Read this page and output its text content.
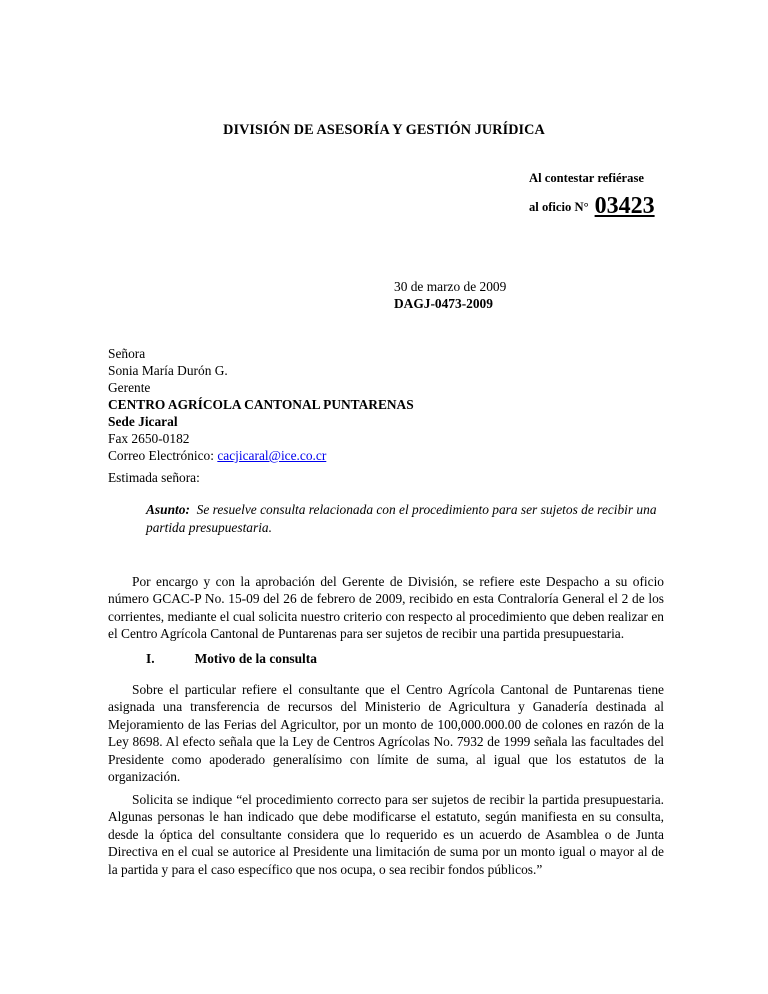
DIVISIÓN DE ASESORÍA Y GESTIÓN JURÍDICA
Al contestar refiérase
al oficio N° 03423
30 de marzo de 2009
DAGJ-0473-2009
Señora
Sonia María Durón G.
Gerente
CENTRO AGRÍCOLA CANTONAL PUNTARENAS
Sede Jicaral
Fax 2650-0182
Correo Electrónico: cacjicaral@ice.co.cr
Estimada señora:
Asunto: Se resuelve consulta relacionada con el procedimiento para ser sujetos de recibir una partida presupuestaria.
Por encargo y con la aprobación del Gerente de División, se refiere este Despacho a su oficio número GCAC-P No. 15-09 del 26 de febrero de 2009, recibido en esta Contraloría General el 2 de los corrientes, mediante el cual solicita nuestro criterio con respecto al procedimiento que deben realizar en el Centro Agrícola Cantonal de Puntarenas para ser sujetos de recibir una partida presupuestaria.
I.	Motivo de la consulta
Sobre el particular refiere el consultante que el Centro Agrícola Cantonal de Puntarenas tiene asignada una transferencia de recursos del Ministerio de Agricultura y Ganadería destinada al Mejoramiento de las Ferias del Agricultor, por un monto de 100,000.000.00 de colones en razón de la Ley 8698. Al efecto señala que la Ley de Centros Agrícolas No. 7932 de 1999 señala las facultades del Presidente como apoderado generalísimo con límite de suma, al igual que los estatutos de la organización.
Solicita se indique “el procedimiento correcto para ser sujetos de recibir la partida presupuestaria. Algunas personas le han indicado que debe modificarse el estatuto, según manifiesta en su consulta, desde la óptica del consultante considera que lo requerido es un acuerdo de Asamblea o de Junta Directiva en el cual se autorice al Presidente una limitación de suma por un monto igual o mayor al de la partida y para el caso específico que nos ocupa, o sea recibir fondos públicos.”
